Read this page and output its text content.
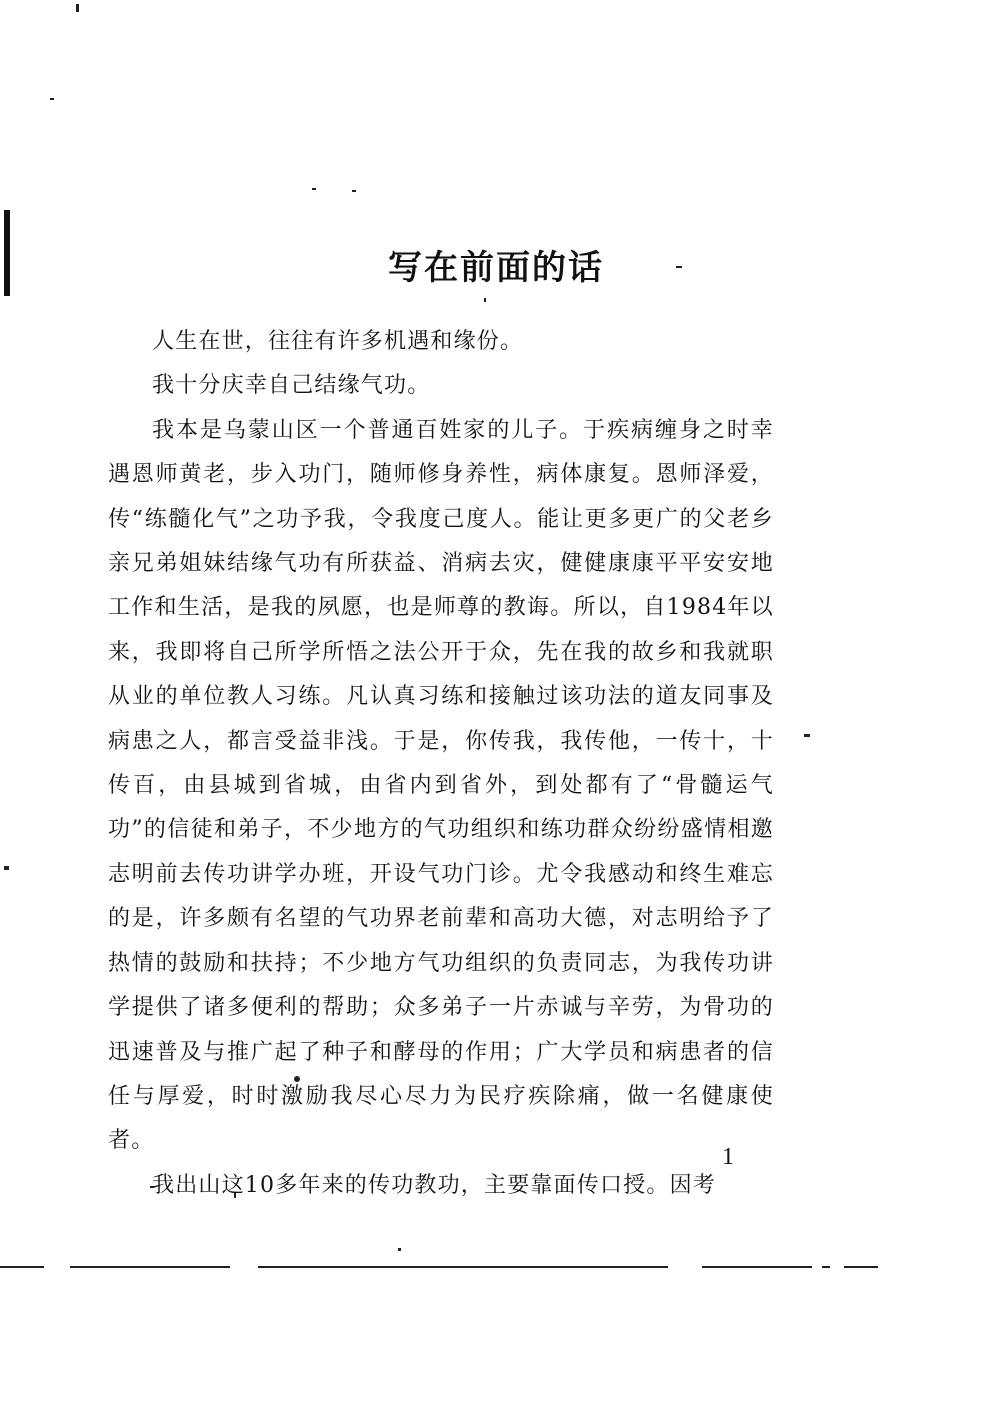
写在前面的话

人生在世，往往有许多机遇和缘份。

我十分庆幸自己结缘气功。

我本是乌蒙山区一个普通百姓家的儿子。于疾病缠身之时幸遇恩师黄老，步入功门，随师修身养性，病体康复。恩师泽爱，传“练髓化气”之功予我，令我度己度人。能让更多更广的父老乡亲兄弟姐妹结缘气功有所获益、消病去灾，健健康康平平安安地工作和生活，是我的夙愿，也是师尊的教诲。所以，自1984年以来，我即将自己所学所悟之法公开于众，先在我的故乡和我就职从业的单位教人习练。凡认真习练和接触过该功法的道友同事及病患之人，都言受益非浅。于是，你传我，我传他，一传十，十传百，由县城到省城，由省内到省外，到处都有了“骨髓运气功”的信徒和弟子，不少地方的气功组织和练功群众纷纷盛情相邀志明前去传功讲学办班，开设气功门诊。尤令我感动和终生难忘的是，许多颇有名望的气功界老前辈和高功大德，对志明给予了热情的鼓励和扶持；不少地方气功组织的负责同志，为我传功讲学提供了诸多便利的帮助；众多弟子一片赤诚与辛劳，为骨功的迅速普及与推广起了种子和酵母的作用；广大学员和病患者的信任与厚爱，时时激励我尽心尽力为民疗疾除痛，做一名健康使者。

我出山这10多年来的传功教功，主要靠面传口授。因考

1
